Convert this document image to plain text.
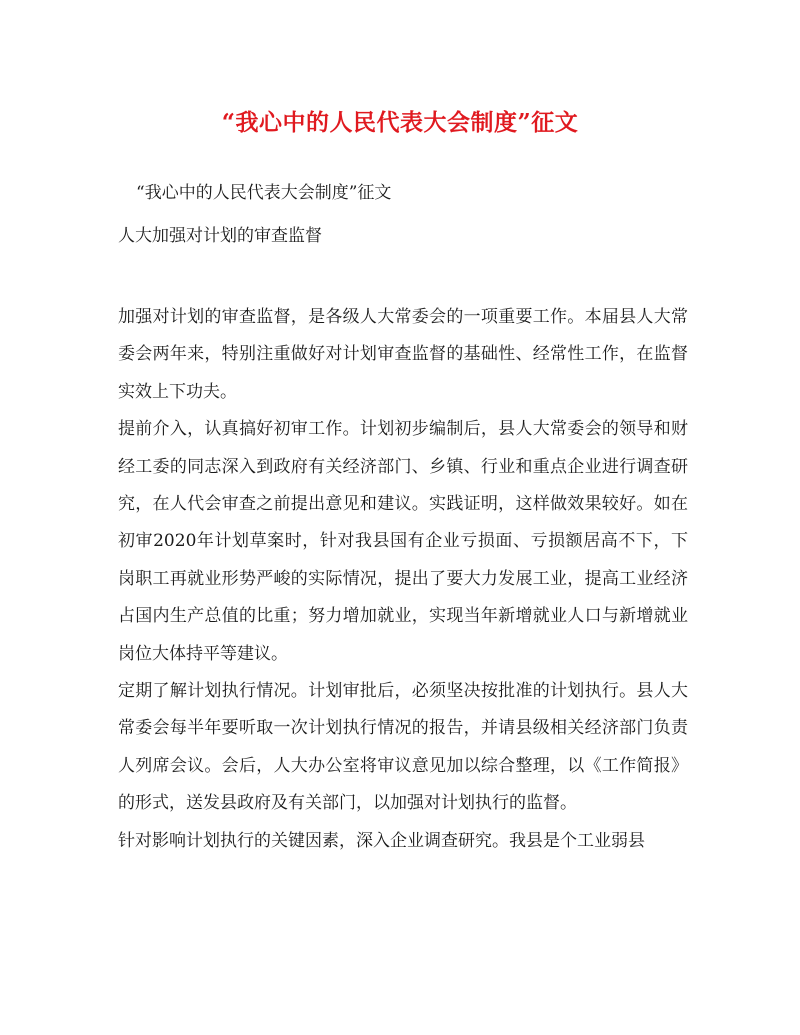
“我心中的人民代表大会制度”征文

“我心中的人民代表大会制度”征文

人大加强对计划的审查监督

加强对计划的审查监督，是各级人大常委会的一项重要工作。本届县人大常委会两年来，特别注重做好对计划审查监督的基础性、经常性工作，在监督实效上下功夫。

提前介入，认真搞好初审工作。计划初步编制后，县人大常委会的领导和财经工委的同志深入到政府有关经济部门、乡镇、行业和重点企业进行调查研究，在人代会审查之前提出意见和建议。实践证明，这样做效果较好。如在初审2020年计划草案时，针对我县国有企业亏损面、亏损额居高不下，下岗职工再就业形势严峻的实际情况，提出了要大力发展工业，提高工业经济占国内生产总值的比重；努力增加就业，实现当年新增就业人口与新增就业岗位大体持平等建议。

定期了解计划执行情况。计划审批后，必须坚决按批准的计划执行。县人大常委会每半年要听取一次计划执行情况的报告，并请县级相关经济部门负责人列席会议。会后，人大办公室将审议意见加以综合整理，以《工作简报》的形式，送发县政府及有关部门，以加强对计划执行的监督。

针对影响计划执行的关键因素，深入企业调查研究。我县是个工业弱县
